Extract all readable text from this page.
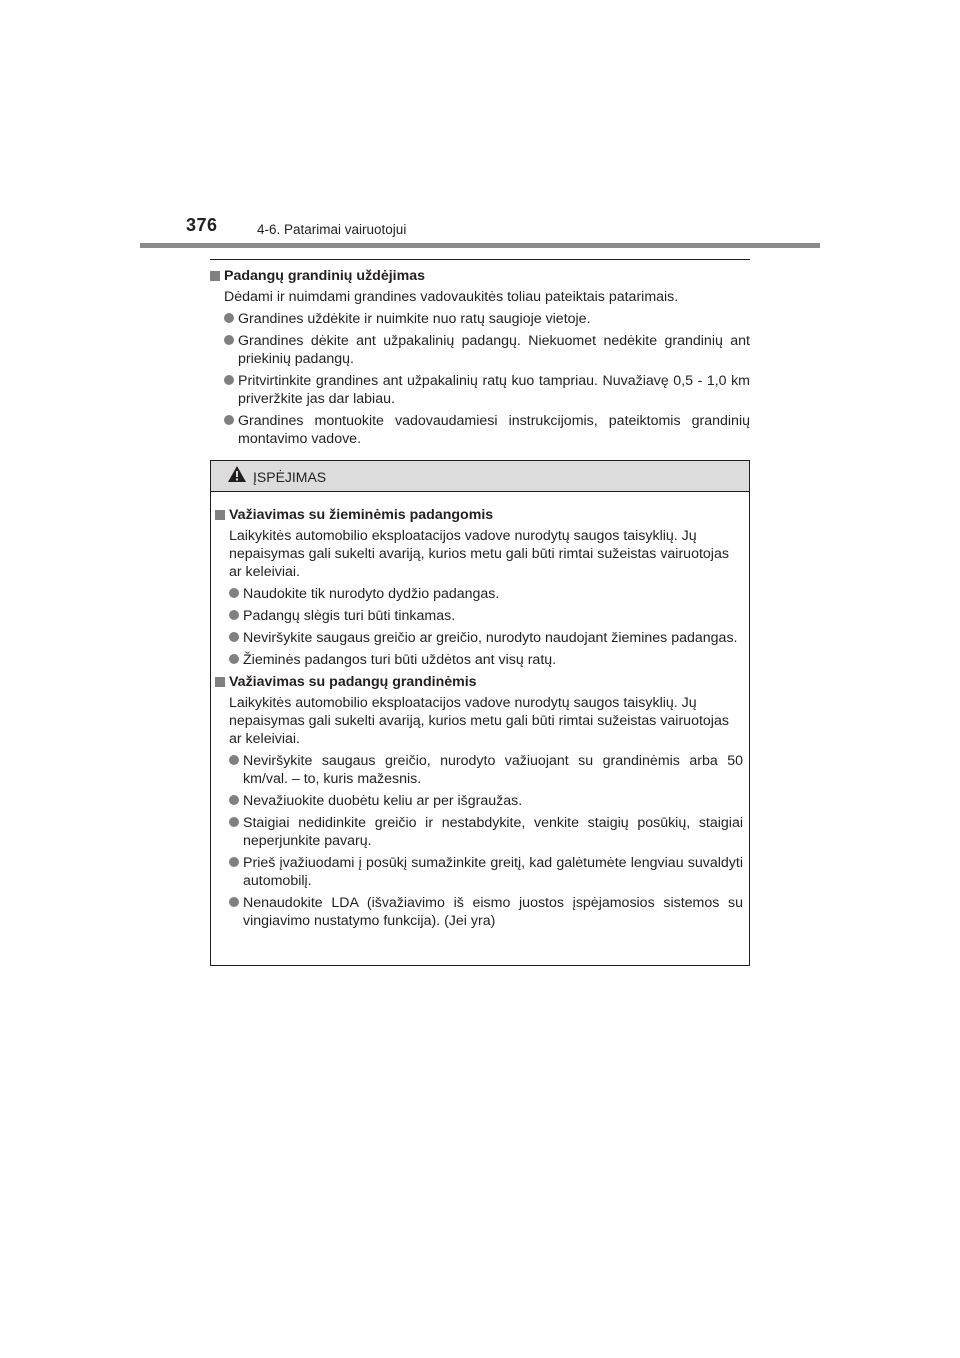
376	4-6. Patarimai vairuotojui
Padangų grandinių uždėjimas
Dėdami ir nuimdami grandines vadovaukitės toliau pateiktais patarimais.
Grandines uždėkite ir nuimkite nuo ratų saugioje vietoje.
Grandines dėkite ant užpakalinių padangų. Niekuomet nedėkite grandinių ant priekinių padangų.
Pritvirtinkite grandines ant užpakalinių ratų kuo tampriau. Nuvažiavę 0,5 - 1,0 km priveržkite jas dar labiau.
Grandines montuokite vadovaudamiesi instrukcijomis, pateiktomis grandinių montavimo vadove.
ĮSPĖJIMAS
Važiavimas su žieminėmis padangomis
Laikykitės automobilio eksploatacijos vadove nurodytų saugos taisyklių. Jų nepaisymas gali sukelti avariją, kurios metu gali būti rimtai sužeistas vairuotojas ar keleiviai.
Naudokite tik nurodyto dydžio padangas.
Padangų slėgis turi būti tinkamas.
Neviršykite saugaus greičio ar greičio, nurodyto naudojant žiemines padangas.
Žieminės padangos turi būti uždėtos ant visų ratų.
Važiavimas su padangų grandinėmis
Laikykitės automobilio eksploatacijos vadove nurodytų saugos taisyklių. Jų nepaisymas gali sukelti avariją, kurios metu gali būti rimtai sužeistas vairuotojas ar keleiviai.
Neviršykite saugaus greičio, nurodyto važiuojant su grandinėmis arba 50 km/val. – to, kuris mažesnis.
Nevažiuokite duobėtu keliu ar per išgraužas.
Staigiai nedidinkite greičio ir nestabdykite, venkite staigių posūkių, staigiai neperjunkite pavarų.
Prieš įvažiuodami į posūkį sumažinkite greitį, kad galėtumėte lengviau suvaldyti automobilį.
Nenaudokite LDA (išvažiavimo iš eismo juostos įspėjamosios sistemos su vingiavimo nustatymo funkcija). (Jei yra)
